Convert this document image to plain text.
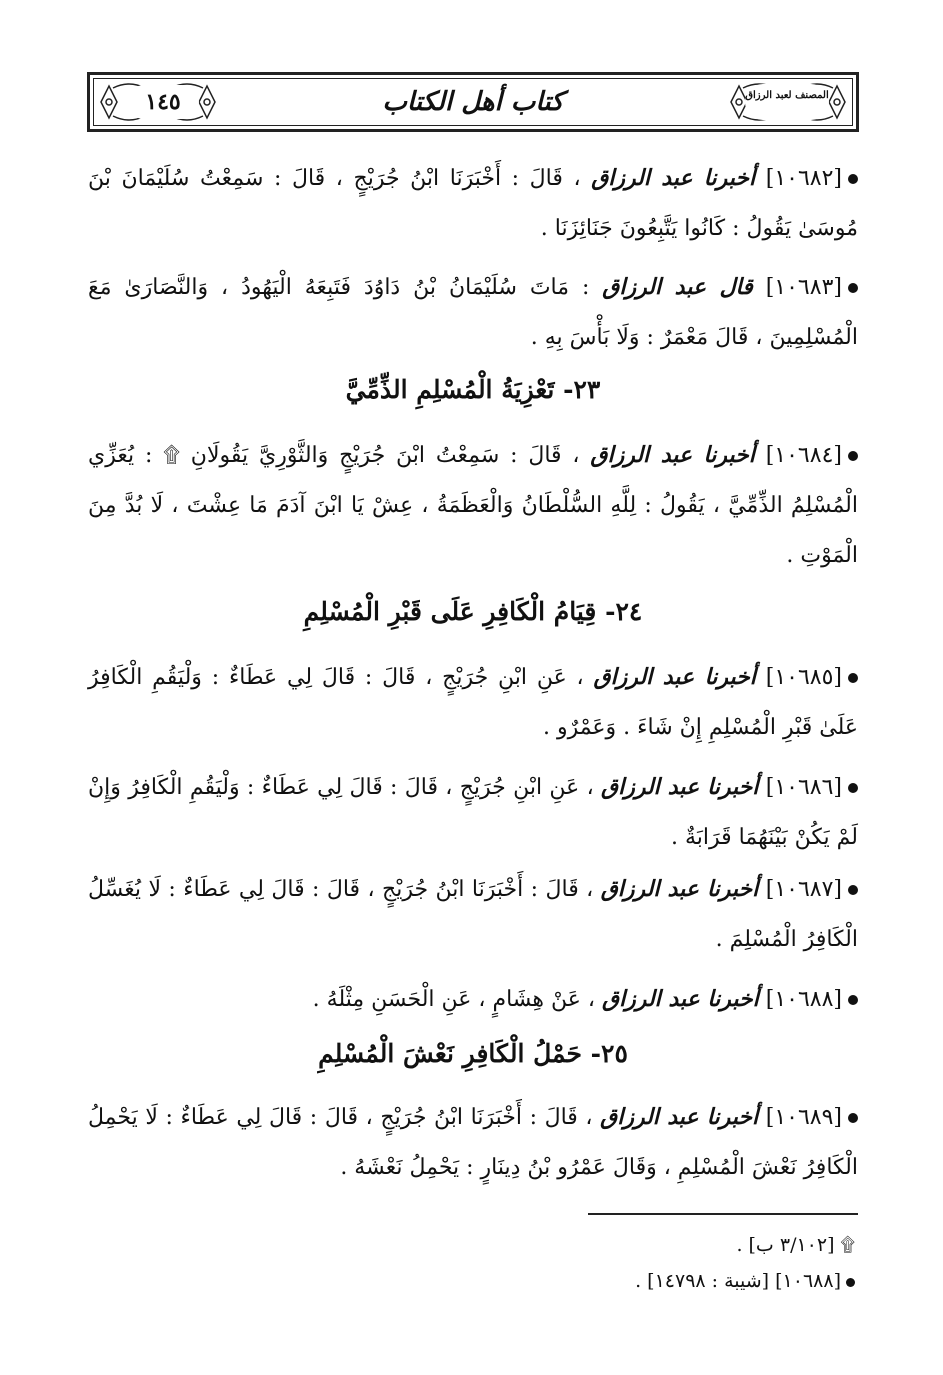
١٤٥	كتاب أهل الكتاب	المصنف لعبد الرزاق

[١٠٦٨٢] أخبرنا عبد الرزاق ، قَالَ : أَخْبَرَنَا ابْنُ جُرَيْجٍ ، قَالَ : سَمِعْتُ سُلَيْمَانَ بْنَ مُوسَىٰ يَقُولُ : كَانُوا يَتَّبِعُونَ جَنَائِزَنَا .

[١٠٦٨٣] قال عبد الرزاق : مَاتَ سُلَيْمَانُ بْنُ دَاوُدَ فَتَبِعَهُ الْيَهُودُ ، وَالنَّصَارَىٰ مَعَ الْمُسْلِمِينَ ، قَالَ مَعْمَرٌ : وَلَا بَأْسَ بِهِ .

٢٣- تَعْزِيَةُ الْمُسْلِمِ الذِّمِّيَّ

[١٠٦٨٤] أخبرنا عبد الرزاق ، قَالَ : سَمِعْتُ ابْنَ جُرَيْجٍ وَالثَّوْرِيَّ يَقُولَانِ ۩ : يُعَزِّي الْمُسْلِمُ الذِّمِّيَّ ، يَقُولُ : لِلَّهِ السُّلْطَانُ وَالْعَظَمَةُ ، عِشْ يَا ابْنَ آدَمَ مَا عِشْتَ ، لَا بُدَّ مِنَ الْمَوْتِ .

٢٤- قِيَامُ الْكَافِرِ عَلَى قَبْرِ الْمُسْلِمِ

[١٠٦٨٥] أخبرنا عبد الرزاق ، عَنِ ابْنِ جُرَيْجٍ ، قَالَ : قَالَ لِي عَطَاءٌ : وَلْيَقُمِ الْكَافِرُ عَلَىٰ قَبْرِ الْمُسْلِمِ إِنْ شَاءَ . وَعَمْرٌو .

[١٠٦٨٦] أخبرنا عبد الرزاق ، عَنِ ابْنِ جُرَيْجٍ ، قَالَ : قَالَ لِي عَطَاءٌ : وَلْيَقُمِ الْكَافِرُ وَإِنْ لَمْ يَكُنْ بَيْنَهُمَا قَرَابَةٌ .

[١٠٦٨٧] أخبرنا عبد الرزاق ، قَالَ : أَخْبَرَنَا ابْنُ جُرَيْجٍ ، قَالَ : قَالَ لِي عَطَاءٌ : لَا يُغَسِّلُ الْكَافِرُ الْمُسْلِمَ .

[١٠٦٨٨] أخبرنا عبد الرزاق ، عَنْ هِشَامٍ ، عَنِ الْحَسَنِ مِثْلَهُ .

٢٥- حَمْلُ الْكَافِرِ نَعْشَ الْمُسْلِمِ

[١٠٦٨٩] أخبرنا عبد الرزاق ، قَالَ : أَخْبَرَنَا ابْنُ جُرَيْجٍ ، قَالَ : قَالَ لِي عَطَاءٌ : لَا يَحْمِلُ الْكَافِرُ نَعْشَ الْمُسْلِمِ ، وَقَالَ عَمْرُو بْنُ دِينَارٍ : يَحْمِلُ نَعْشَهُ .

۩ [٣/١٠٢ ب] .
[١٠٦٨٨] [شيبة : ١٤٧٩٨] .
